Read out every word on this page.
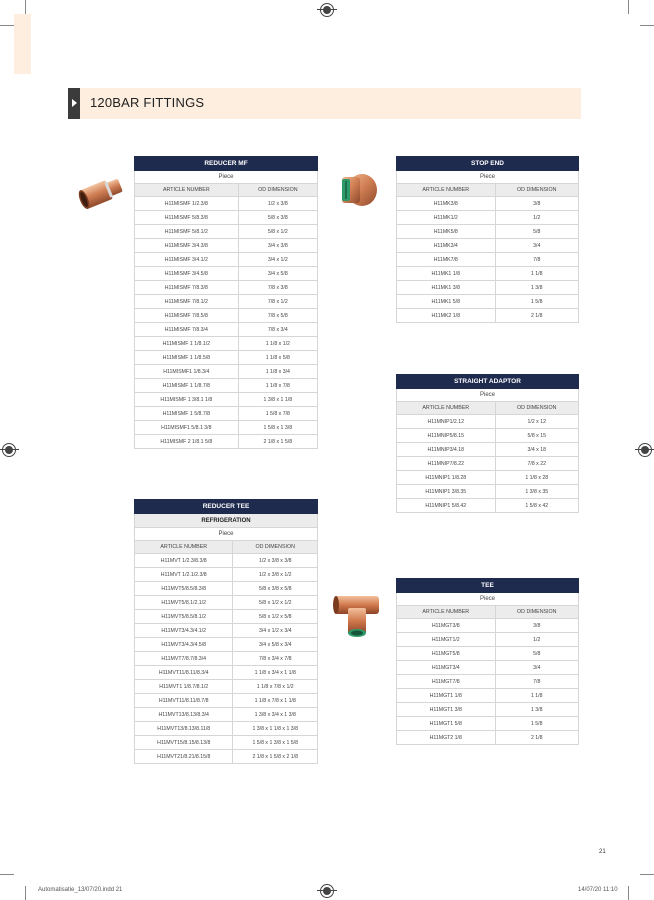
120BAR FITTINGS
REDUCER MF	
Piece	
ARTICLE NUMBER	OD DIMENSION
H11MISMF 1/2.3/8	1/2 x 3/8
H11MISMF 5/8.3/8	5/8 x 3/8
H11MISMF 5/8.1/2	5/8 x 1/2
H11MISMF 3/4.3/8	3/4 x 3/8
H11MISMF 3/4.1/2	3/4 x 1/2
H11MISMF 3/4.5/8	3/4 x 5/8
H11MISMF 7/8.3/8	7/8 x 3/8
H11MISMF 7/8.1/2	7/8 x 1/2
H11MISMF 7/8.5/8	7/8 x 5/8
H11MISMF 7/8.3/4	7/8 x 3/4
H11MISMF 1 1/8.1/2	1 1/8 x 1/2
H11MISMF 1 1/8.5/8	1 1/8 x 5/8
H11MISMF1 1/8.3/4	1 1/8 x 3/4
H11MISMF 1 1/8.7/8	1 1/8 x 7/8
H11MISMF 1 3/8.1 1/8	1 3/8 x 1 1/8
H11MISMF 1 5/8.7/8	1 5/8 x 7/8
H11MISMF1 5/8.1 3/8	1 5/8 x 1 3/8
H11MISMF 2 1/8.1 5/8	2 1/8 x 1 5/8
STOP END	
Piece	
ARTICLE NUMBER	OD DIMENSION
H11MK3/8	3/8
H11MK1/2	1/2
H11MK5/8	5/8
H11MK3/4	3/4
H11MK7/8	7/8
H11MK1 1/8	1 1/8
H11MK1 3/8	1 3/8
H11MK1 5/8	1 5/8
H11MK2 1/8	2 1/8
STRAIGHT ADAPTOR	
Piece	
ARTICLE NUMBER	OD DIMENSION
H11MNIP1/2.12	1/2 x 12
H11MNIP5/8.15	5/8 x 15
H11MNIP3/4.18	3/4 x 18
H11MNIP7/8.22	7/8 x 22
H11MNIP1 1/8.28	1 1/8 x 28
H11MNIP1 3/8.35	1 3/8 x 35
H11MNIP1 5/8.42	1 5/8 x 42
REDUCER TEE	
REFRIGERATION	
Piece	
ARTICLE NUMBER	OD DIMENSION
H11MVT 1/2.3/8.3/8	1/2 x 3/8 x 3/8
H11MVT 1/2.1/2.3/8	1/2 x 3/8 x 1/2
H11MVT5/8.5/8.3/8	5/8 x 3/8 x 5/8
H11MVT5/8.1/2.1/2	5/8 x 1/2 x 1/2
H11MVT5/8.5/8.1/2	5/8 x 1/2 x 5/8
H11MVT3/4.3/4.1/2	3/4 x 1/2 x 3/4
H11MVT3/4.3/4.5/8	3/4 x 5/8 x 3/4
H11MVT7/8.7/8.3/4	7/8 x 3/4 x 7/8
H11MVT11/8.11/8.3/4	1 1/8 x 3/4 x 1 1/8
H11MVT1 1/8.7/8.1/2	1 1/8 x 7/8 x 1/2
H11MVT11/8.11/8.7/8	1 1/8 x 7/8 x 1 1/8
H11MVT13/8.13/8.3/4	1 3/8 x 3/4 x 1 3/8
H11MVT13/8.13/8.11/8	1 3/8 x 1 1/8 x 1 3/8
H11MVT15/8.15/8.13/8	1 5/8 x 1 3/8 x 1 5/8
H11MVT21/8.21/8.15/8	2 1/8 x 1 5/8 x 2 1/8
TEE	
Piece	
ARTICLE NUMBER	OD DIMENSION
H11MGT3/8	3/8
H11MGT1/2	1/2
H11MGT5/8	5/8
H11MGT3/4	3/4
H11MGT7/8	7/8
H11MGT1 1/8	1 1/8
H11MGT1 3/8	1 3/8
H11MGT1 5/8	1 5/8
H11MGT2 1/8	2 1/8
21
Automatisatie_13/07/20.indd 21	14/07/20 11:10
